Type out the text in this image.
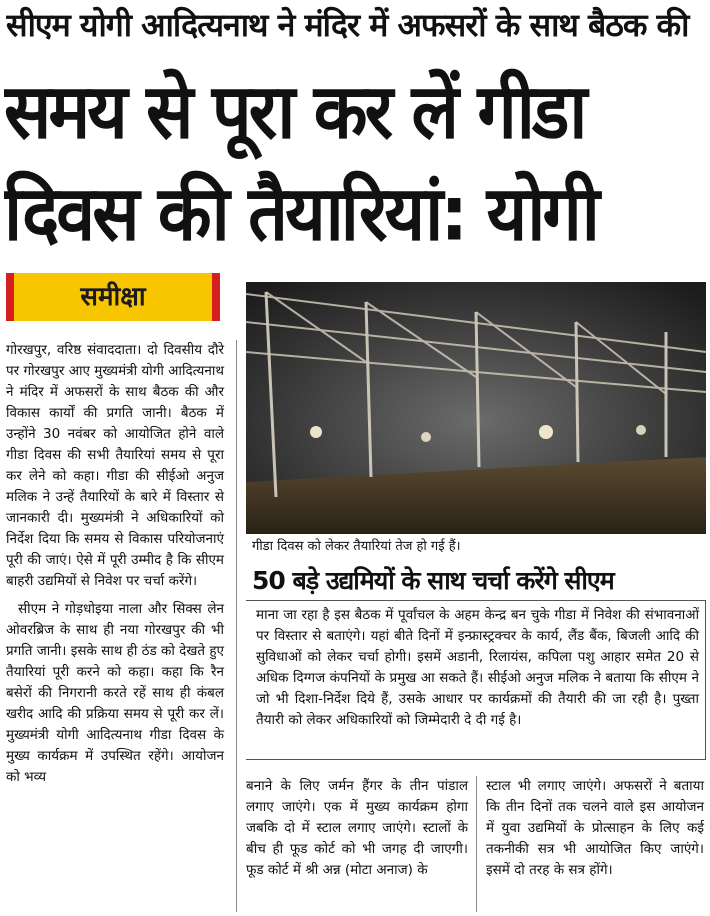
सीएम योगी आदित्यनाथ ने मंदिर में अफसरों के साथ बैठक की
समय से पूरा कर लें गीडा
दिवस की तैयारियां: योगी
समीक्षा

गोरखपुर, वरिष्ठ संवाददाता। दो दिवसीय दौरे पर गोरखपुर आए मुख्यमंत्री योगी आदित्यनाथ ने मंदिर में अफसरों के साथ बैठक की और विकास कार्यों की प्रगति जानी। बैठक में उन्होंने 30 नवंबर को आयोजित होने वाले गीडा दिवस की सभी तैयारियां समय से पूरा कर लेने को कहा। गीडा की सीईओ अनुज मलिक ने उन्हें तैयारियों के बारे में विस्तार से जानकारी दी। मुख्यमंत्री ने अधिकारियों को निर्देश दिया कि समय से विकास परियोजनाएं पूरी की जाएं। ऐसे में पूरी उम्मीद है कि सीएम बाहरी उद्यमियों से निवेश पर चर्चा करेंगे।

सीएम ने गोड़धोइया नाला और सिक्स लेन ओवरब्रिज के साथ ही नया गोरखपुर की भी प्रगति जानी। इसके साथ ही ठंड को देखते हुए तैयारियां पूरी करने को कहा। कहा कि रैन बसेरों की निगरानी करते रहें साथ ही कंबल खरीद आदि की प्रक्रिया समय से पूरी कर लें। मुख्यमंत्री योगी आदित्यनाथ गीडा दिवस के मुख्य कार्यक्रम में उपस्थित रहेंगे। आयोजन को भव्य

गीडा दिवस को लेकर तैयारियां तेज हो गई हैं।
50 बड़े उद्यमियों के साथ चर्चा करेंगे सीएम

माना जा रहा है इस बैठक में पूर्वांचल के अहम केन्द्र बन चुके गीडा में निवेश की संभावनाओं पर विस्तार से बताएंगे। यहां बीते दिनों में इन्फ्रास्ट्रक्चर के कार्य, लैंड बैंक, बिजली आदि की सुविधाओं को लेकर चर्चा होगी। इसमें अडानी, रिलायंस, कपिला पशु आहार समेत 20 से अधिक दिग्गज कंपनियों के प्रमुख आ सकते हैं। सीईओ अनुज मलिक ने बताया कि सीएम ने जो भी दिशा-निर्देश दिये हैं, उसके आधार पर कार्यक्रमों की तैयारी की जा रही है। पुख्ता तैयारी को लेकर अधिकारियों को जिम्मेदारी दे दी गई है।

बनाने के लिए जर्मन हैंगर के तीन पांडाल लगाए जाएंगे। एक में मुख्य कार्यक्रम होगा जबकि दो में स्टाल लगाए जाएंगे। स्टालों के बीच ही फूड कोर्ट को भी जगह दी जाएगी। फूड कोर्ट में श्री अन्न (मोटा अनाज) के

स्टाल भी लगाए जाएंगे। अफसरों ने बताया कि तीन दिनों तक चलने वाले इस आयोजन में युवा उद्यमियों के प्रोत्साहन के लिए कई तकनीकी सत्र भी आयोजित किए जाएंगे। इसमें दो तरह के सत्र होंगे।
